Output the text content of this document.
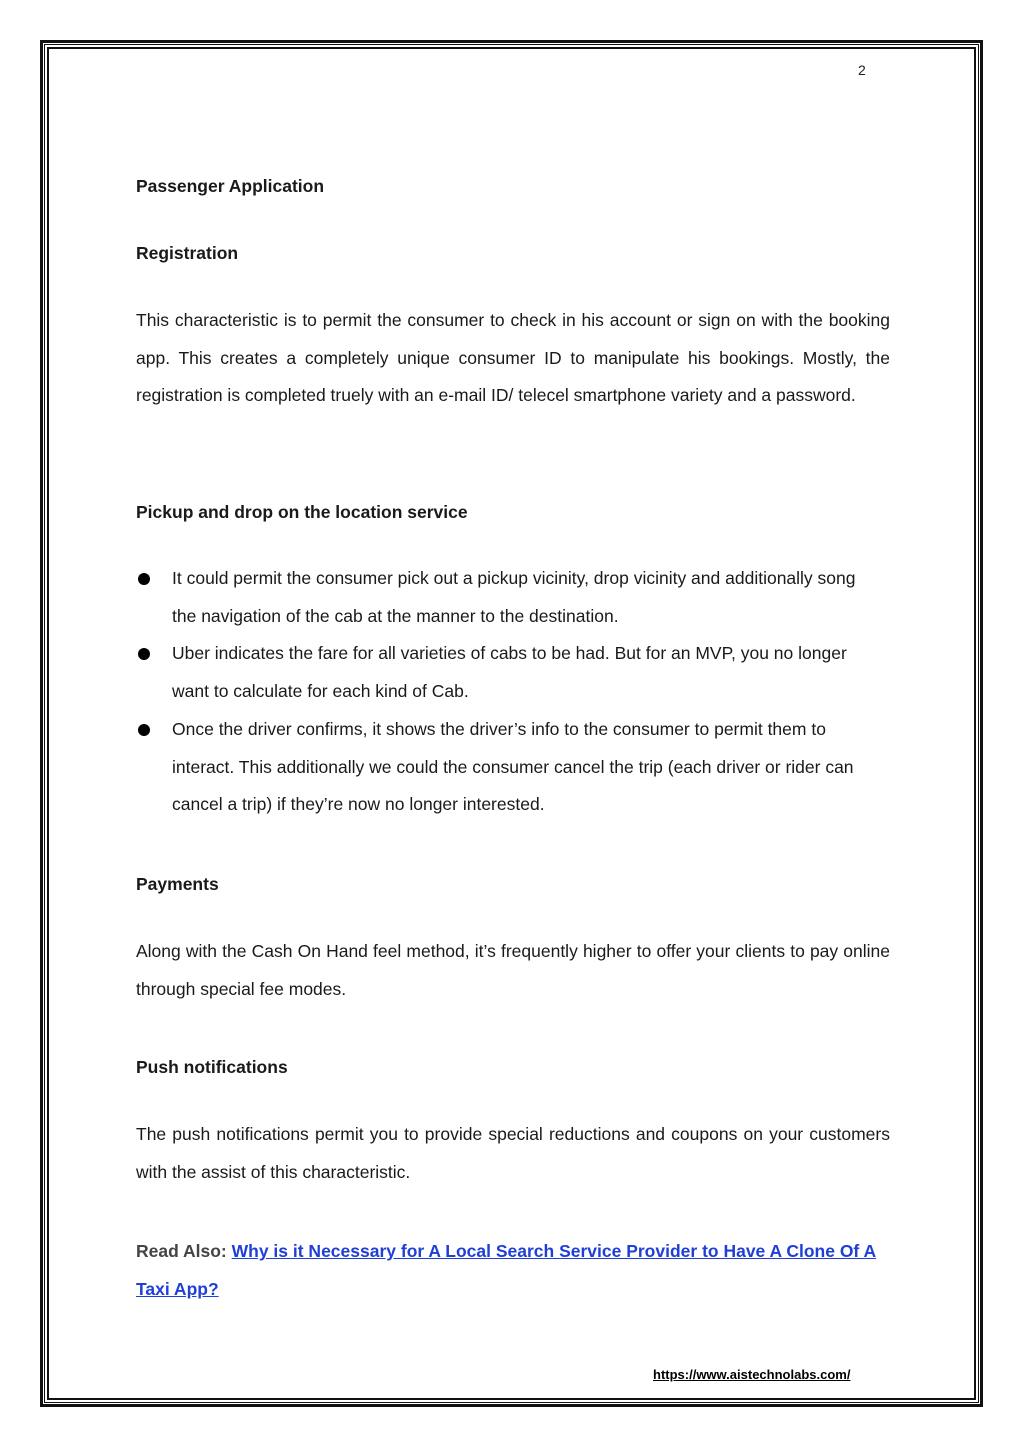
2
Passenger Application
Registration
This characteristic is to permit the consumer to check in his account or sign on with the booking app. This creates a completely unique consumer ID to manipulate his bookings. Mostly, the registration is completed truely with an e-mail ID/ telecel smartphone variety and a password.
Pickup and drop on the location service
It could permit the consumer pick out a pickup vicinity, drop vicinity and additionally song the navigation of the cab at the manner to the destination.
Uber indicates the fare for all varieties of cabs to be had. But for an MVP, you no longer want to calculate for each kind of Cab.
Once the driver confirms, it shows the driver’s info to the consumer to permit them to interact. This additionally we could the consumer cancel the trip (each driver or rider can cancel a trip) if they’re now no longer interested.
Payments
Along with the Cash On Hand feel method, it’s frequently higher to offer your clients to pay online through special fee modes.
Push notifications
The push notifications permit you to provide special reductions and coupons on your customers with the assist of this characteristic.
Read Also: Why is it Necessary for A Local Search Service Provider to Have A Clone Of A Taxi App?
https://www.aistechnolabs.com/
